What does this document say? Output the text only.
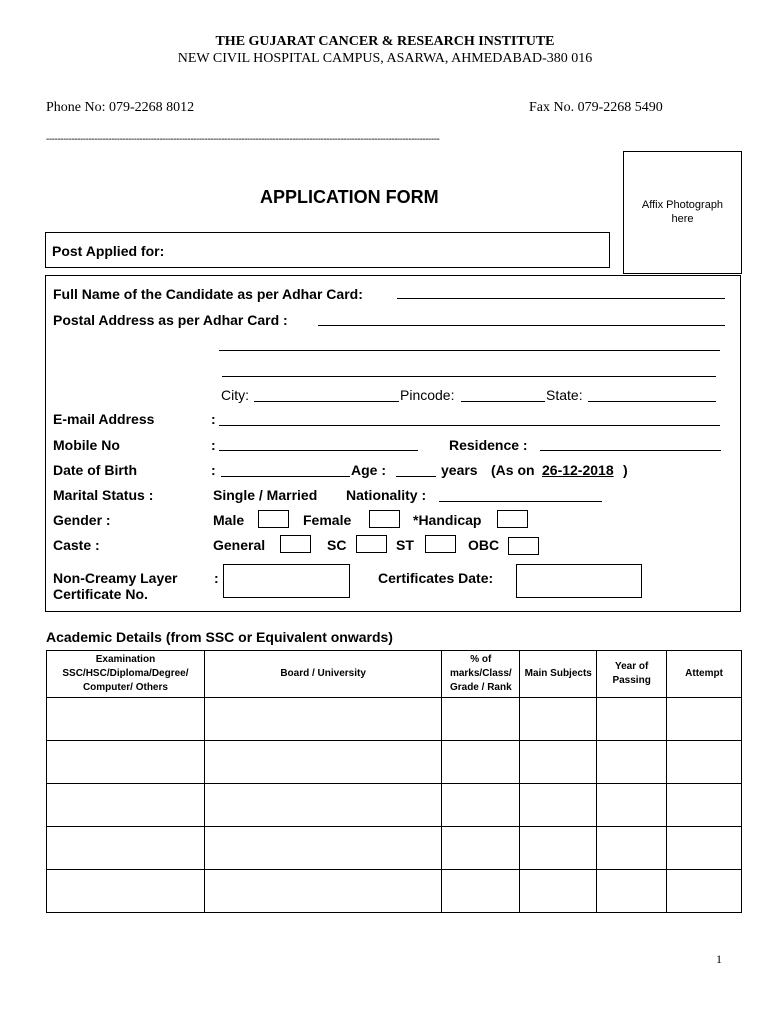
THE GUJARAT CANCER & RESEARCH INSTITUTE
NEW CIVIL HOSPITAL CAMPUS, ASARWA, AHMEDABAD-380 016
Phone No: 079-2268 8012	Fax No. 079-2268 5490
-------------------------------------------------------------------------------------------------------------------------------------------
APPLICATION FORM	Affix Photograph here
Post Applied for:
Full Name of the Candidate as per Adhar Card:
Postal Address as per Adhar Card :
City:	Pincode:	State:
E-mail Address	:
Mobile No	:	Residence :
Date of Birth	:	Age :	years (As on 26-12-2018 )
Marital Status :	Single / Married Nationality :
Gender :	Male	Female	*Handicap
Caste :	General	SC	ST	OBC
Non-Creamy Layer
Certificate No.
:	Certificates Date:
Academic Details (from SSC or Equivalent onwards)
Examination SSC/HSC/Diploma/Degree/ Computer/ Others	Board / University	% of marks/Class/ Grade / Rank	Main Subjects	Year of Passing	Attempt

1
